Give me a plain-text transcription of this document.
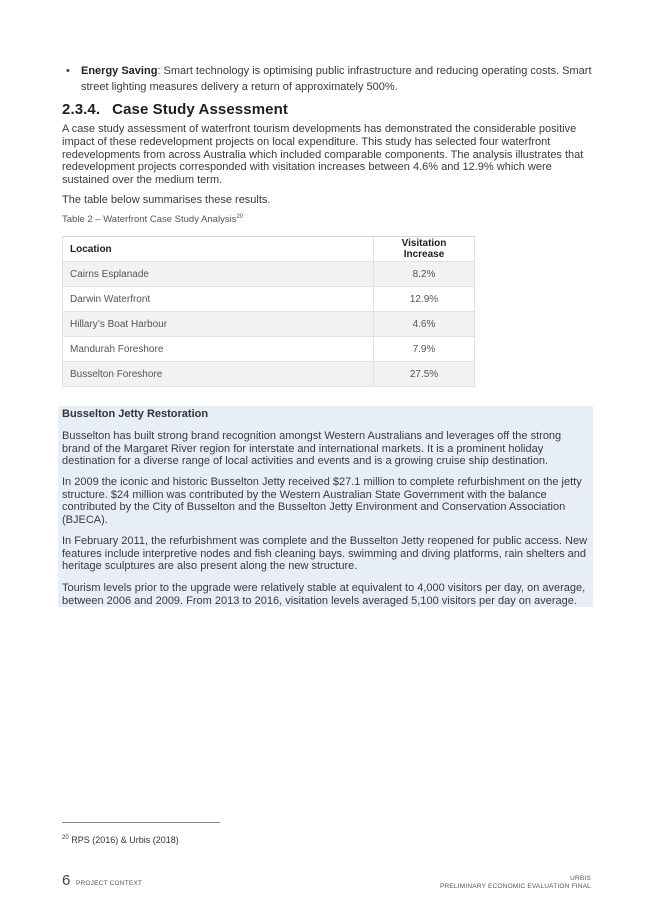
• Energy Saving: Smart technology is optimising public infrastructure and reducing operating costs. Smart street lighting measures delivery a return of approximately 500%.
2.3.4. Case Study Assessment
A case study assessment of waterfront tourism developments has demonstrated the considerable positive impact of these redevelopment projects on local expenditure. This study has selected four waterfront redevelopments from across Australia which included comparable components. The analysis illustrates that redevelopment projects corresponded with visitation increases between 4.6% and 12.9% which were sustained over the medium term.
The table below summarises these results.
Table 2 – Waterfront Case Study Analysis$^{20}$
Location	Visitation Increase
Cairns Esplanade	8.2%
Darwin Waterfront	12.9%
Hillary’s Boat Harbour	4.6%
Mandurah Foreshore	7.9%
Busselton Foreshore	27.5%
Busselton Jetty Restoration
Busselton has built strong brand recognition amongst Western Australians and leverages off the strong brand of the Margaret River region for interstate and international markets. It is a prominent holiday destination for a diverse range of local activities and events and is a growing cruise ship destination.
In 2009 the iconic and historic Busselton Jetty received $27.1 million to complete refurbishment on the jetty structure. $24 million was contributed by the Western Australian State Government with the balance contributed by the City of Busselton and the Busselton Jetty Environment and Conservation Association (BJECA).
In February 2011, the refurbishment was complete and the Busselton Jetty reopened for public access. New features include interpretive nodes and fish cleaning bays. swimming and diving platforms, rain shelters and heritage sculptures are also present along the new structure.
Tourism levels prior to the upgrade were relatively stable at equivalent to 4,000 visitors per day, on average, between 2006 and 2009. From 2013 to 2016, visitation levels averaged 5,100 visitors per day on average.
$^{20}$ RPS (2016) & Urbis (2018)
6 PROJECT CONTEXT
URBIS
PRELIMINARY ECONOMIC EVALUATION FINAL
